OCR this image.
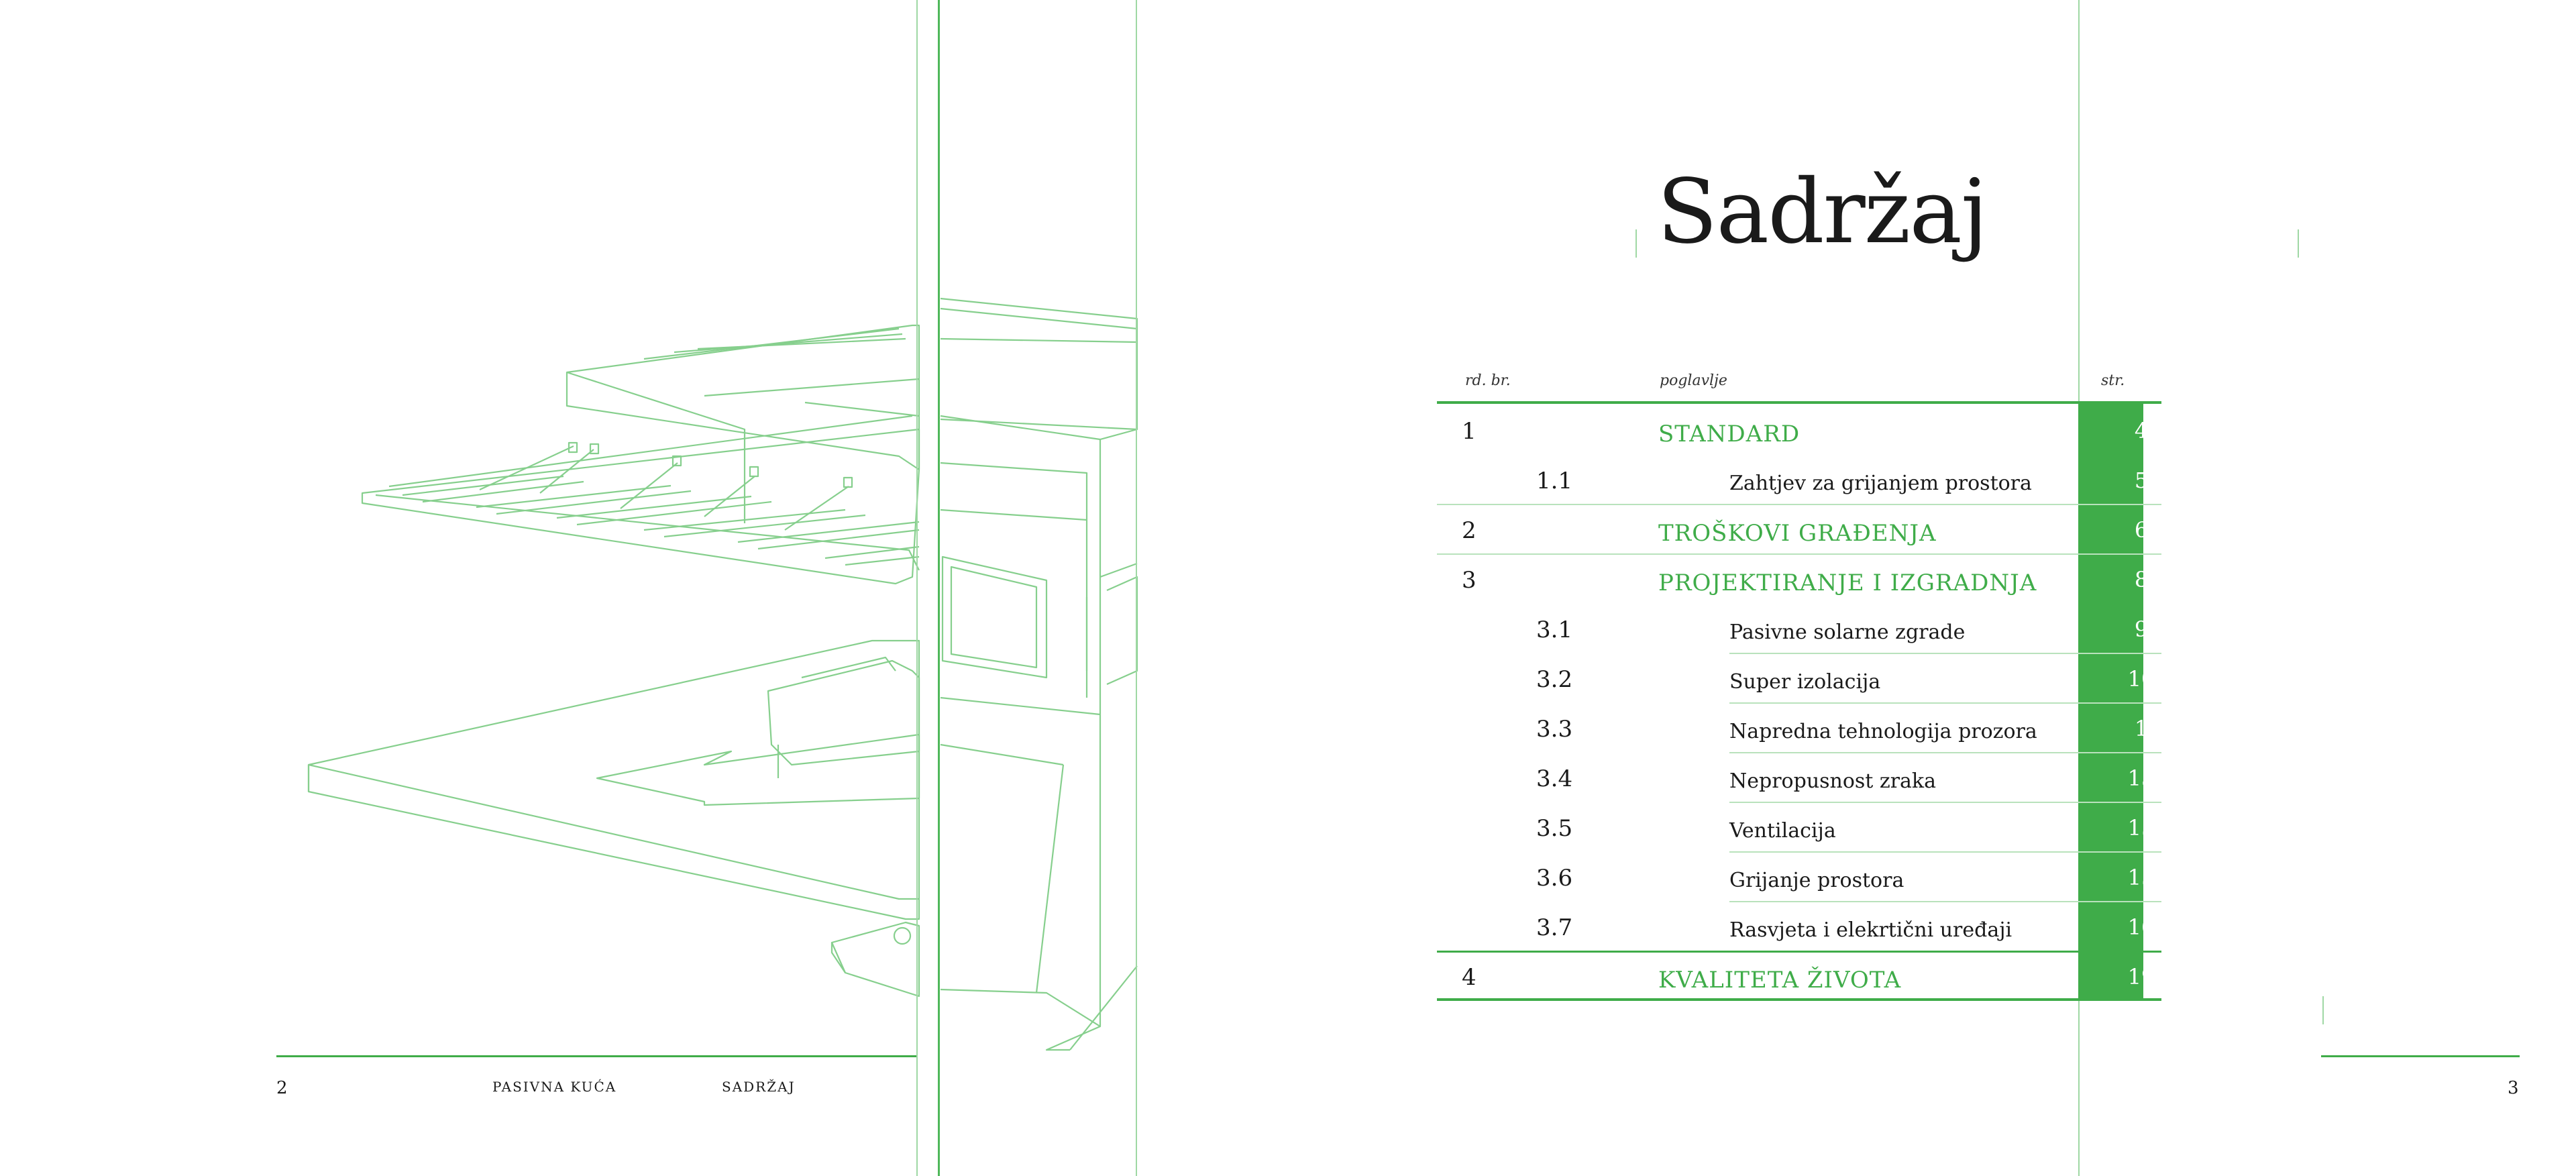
2	PASIVNA KUĆA	SADRŽAJ	3
Sadržaj
rd. br.	poglavlje	str.
1	STANDARD	4
1.1	Zahtjev za grijanjem prostora	5
2	TROŠKOVI GRAĐENJA	6
3	PROJEKTIRANJE I IZGRADNJA	8
3.1	Pasivne solarne zgrade	9
3.2	Super izolacija	10
3.3	Napredna tehnologija prozora	1
3.4	Nepropusnost zraka	13
3.5	Ventilacija	15
3.6	Grijanje prostora	15
3.7	Rasvjeta i elekrtični uređaji	16
4	KVALITETA ŽIVOTA	19
